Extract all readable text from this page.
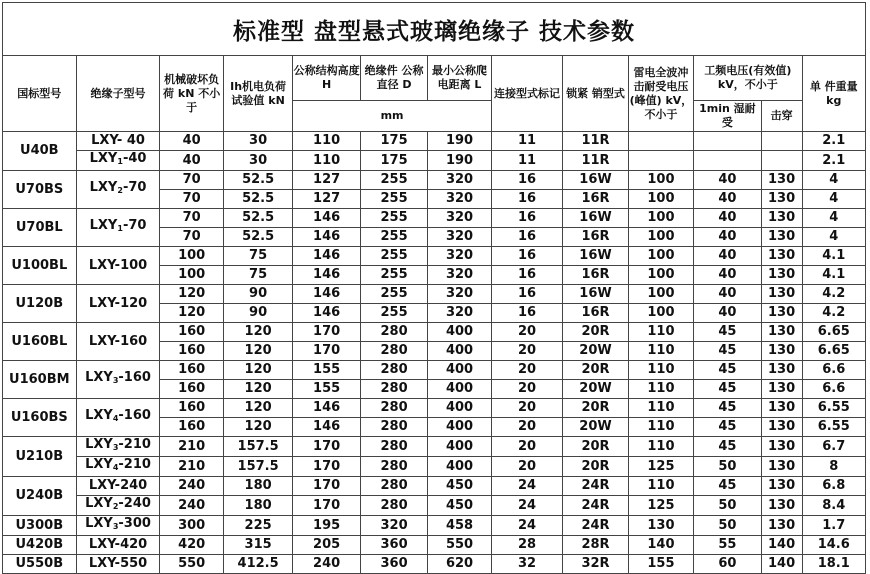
标准型 盘型悬式玻璃绝缘子 技术参数												
国标型号	绝缘子型号	机械破坏负荷 kN 不小于	Ih机电负荷 试验值 kN	公称结构高度H	绝缘件 公称直径 D	最小公称爬电距离 L	连接型式标记	锁紧 销型式	雷电全波冲击耐受电压(峰值) kV，不小于	工频电压(有效值) kV，不小于		单 件重量 kg
				mm						1min 湿耐受	击穿	
U40B	LXY- 40	40	30	110	175	190	11	11R				2.1
	$LXY_1-40$	40	30	110	175	190	11	11R				2.1
U70BS	$LXY_2-70$	70	52.5	127	255	320	16	16W	100	40	130	4
		70	52.5	127	255	320	16	16R	100	40	130	4
U70BL	$LXY_1-70$	70	52.5	146	255	320	16	16W	100	40	130	4
		70	52.5	146	255	320	16	16R	100	40	130	4
U100BL	LXY-100	100	75	146	255	320	16	16W	100	40	130	4.1
		100	75	146	255	320	16	16R	100	40	130	4.1
U120B	LXY-120	120	90	146	255	320	16	16W	100	40	130	4.2
		120	90	146	255	320	16	16R	100	40	130	4.2
U160BL	LXY-160	160	120	170	280	400	20	20R	110	45	130	6.65
		160	120	170	280	400	20	20W	110	45	130	6.65
U160BM	$LXY_3-160$	160	120	155	280	400	20	20R	110	45	130	6.6
		160	120	155	280	400	20	20W	110	45	130	6.6
U160BS	$LXY_4-160$	160	120	146	280	400	20	20R	110	45	130	6.55
		160	120	146	280	400	20	20W	110	45	130	6.55
U210B	$LXY_3-210$	210	157.5	170	280	400	20	20R	110	45	130	6.7
	$LXY_4-210$	210	157.5	170	280	400	20	20R	125	50	130	8
U240B	LXY-240	240	180	170	280	450	24	24R	110	45	130	6.8
	$LXY_2-240$	240	180	170	280	450	24	24R	125	50	130	8.4
U300B	$LXY_3-300$	300	225	195	320	458	24	24R	130	50	130	1.7
U420B	LXY-420	420	315	205	360	550	28	28R	140	55	140	14.6
U550B	LXY-550	550	412.5	240	360	620	32	32R	155	60	140	18.1
